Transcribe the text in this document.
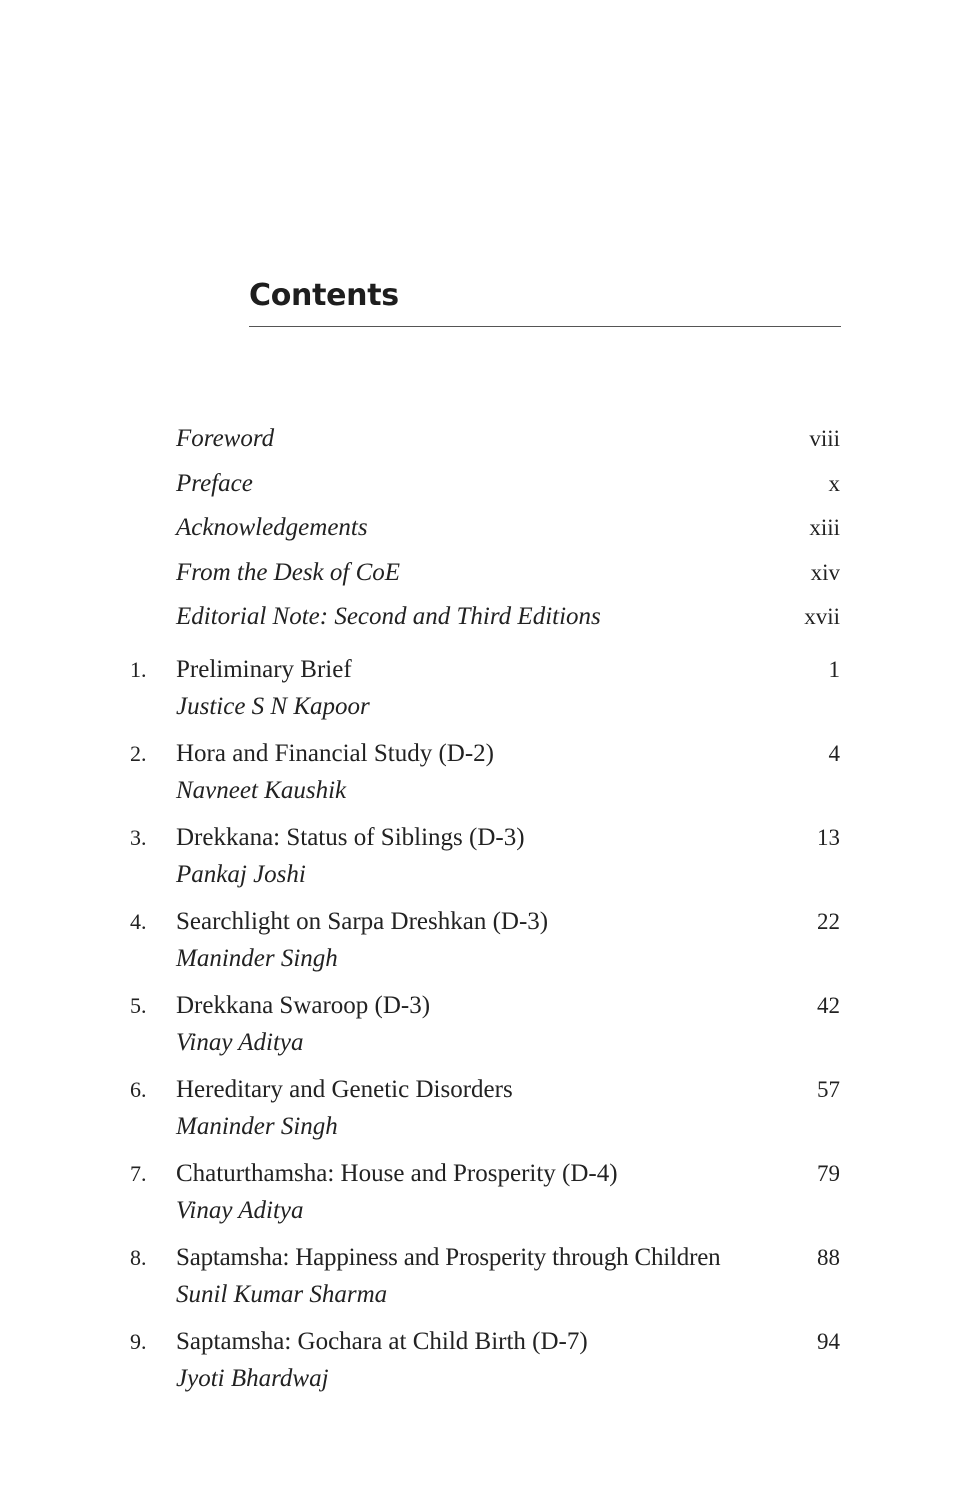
Contents
Foreword	viii
Preface	x
Acknowledgements	xiii
From the Desk of CoE	xiv
Editorial Note: Second and Third Editions	xvii
1. Preliminary Brief	1
Justice S N Kapoor
2. Hora and Financial Study (D-2)	4
Navneet Kaushik
3. Drekkana: Status of Siblings (D-3)	13
Pankaj Joshi
4. Searchlight on Sarpa Dreshkan (D-3)	22
Maninder Singh
5. Drekkana Swaroop (D-3)	42
Vinay Aditya
6. Hereditary and Genetic Disorders	57
Maninder Singh
7. Chaturthamsha: House and Prosperity (D-4)	79
Vinay Aditya
8. Saptamsha: Happiness and Prosperity through Children	88
Sunil Kumar Sharma
9. Saptamsha: Gochara at Child Birth (D-7)	94
Jyoti Bhardwaj
